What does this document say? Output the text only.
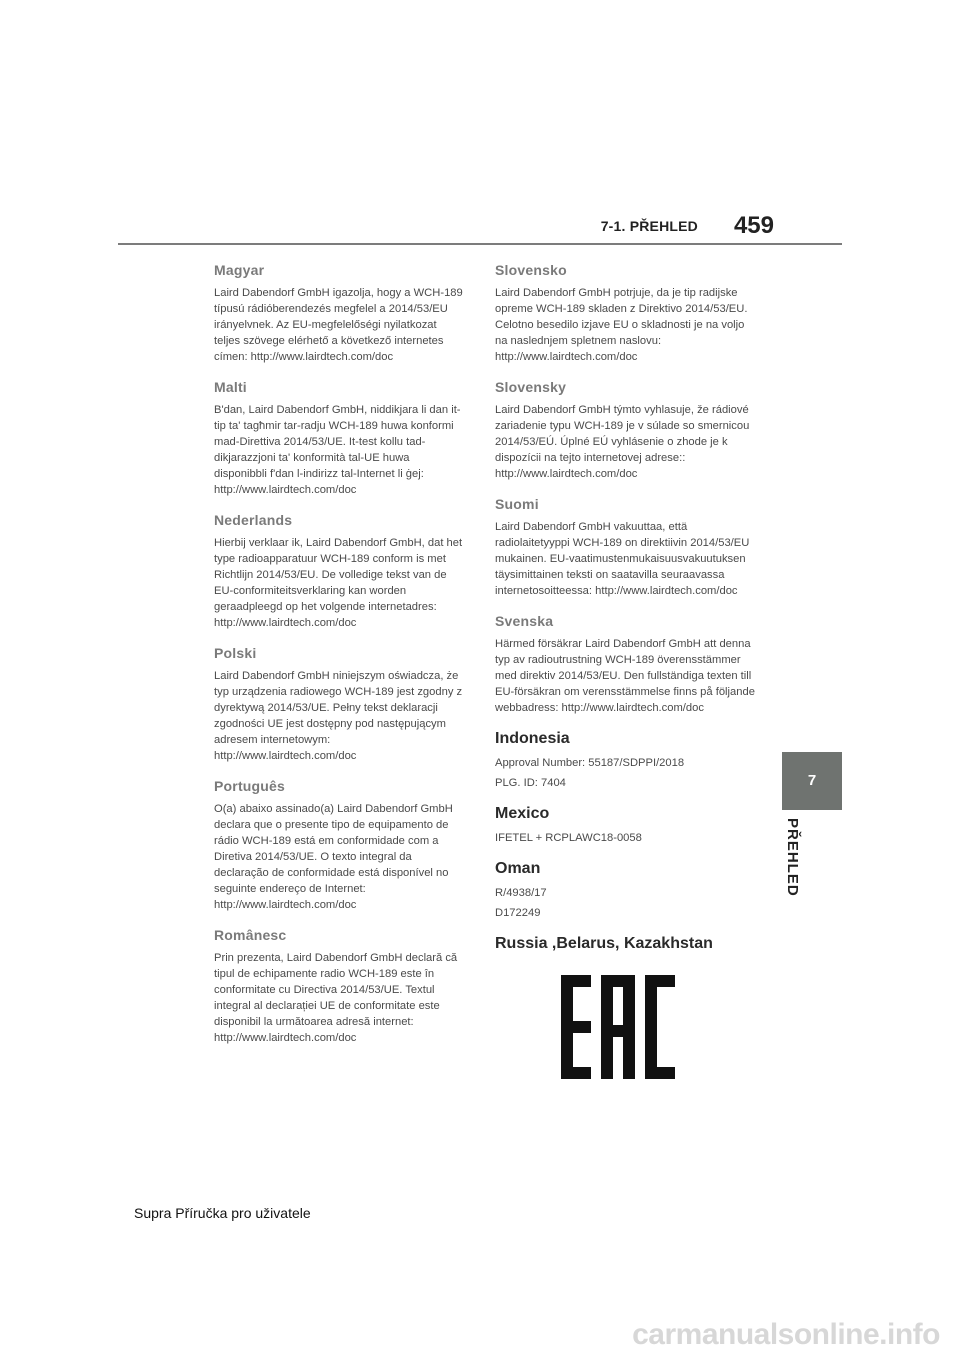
7-1. PŘEHLED 459
7
PŘEHLED
Magyar

Laird Dabendorf GmbH igazolja, hogy a WCH-189 típusú rádióberendezés megfelel a 2014/53/EU irányelvnek. Az EU-megfelelőségi nyilatkozat teljes szövege elérhető a következő internetes címen: http://www.lairdtech.com/doc

Malti

B'dan, Laird Dabendorf GmbH, niddikjara li dan it-tip ta' tagħmir tar-radju WCH-189 huwa konformi mad-Direttiva 2014/53/UE. It-test kollu tad-dikjarazzjoni ta' konformità tal-UE huwa disponibbli f'dan l-indirizz tal-Internet li ġej: http://www.lairdtech.com/doc

Nederlands

Hierbij verklaar ik, Laird Dabendorf GmbH, dat het type radioapparatuur WCH-189 conform is met Richtlijn 2014/53/EU. De volledige tekst van de EU-conformiteitsverklaring kan worden geraadpleegd op het volgende internetadres: http://www.lairdtech.com/doc

Polski

Laird Dabendorf GmbH niniejszym oświadcza, że typ urządzenia radiowego WCH-189 jest zgodny z dyrektywą 2014/53/UE. Pełny tekst deklaracji zgodności UE jest dostępny pod następującym adresem internetowym: http://www.lairdtech.com/doc

Português

O(a) abaixo assinado(a) Laird Dabendorf GmbH declara que o presente tipo de equipamento de rádio WCH-189 está em conformidade com a Diretiva 2014/53/UE. O texto integral da declaração de conformidade está disponível no seguinte endereço de Internet: http://www.lairdtech.com/doc

Românesc

Prin prezenta, Laird Dabendorf GmbH declară că tipul de echipamente radio WCH-189 este în conformitate cu Directiva 2014/53/UE. Textul integral al declarației UE de conformitate este disponibil la următoarea adresă internet: http://www.lairdtech.com/doc

Slovensko

Laird Dabendorf GmbH potrjuje, da je tip radijske opreme WCH-189 skladen z Direktivo 2014/53/EU. Celotno besedilo izjave EU o skladnosti je na voljo na naslednjem spletnem naslovu: http://www.lairdtech.com/doc

Slovensky

Laird Dabendorf GmbH týmto vyhlasuje, že rádiové zariadenie typu WCH-189 je v súlade so smernicou 2014/53/EÚ. Úplné EÚ vyhlásenie o zhode je k dispozícii na tejto internetovej adrese:: http://www.lairdtech.com/doc

Suomi

Laird Dabendorf GmbH vakuuttaa, että radiolaitetyyppi WCH-189 on direktiivin 2014/53/EU mukainen. EU-vaatimustenmukaisuusvakuutuksen täysimittainen teksti on saatavilla seuraavassa internetosoitteessa: http://www.lairdtech.com/doc

Svenska

Härmed försäkrar Laird Dabendorf GmbH att denna typ av radioutrustning WCH-189 överensstämmer med direktiv 2014/53/EU. Den fullständiga texten till EU-försäkran om verensstämmelse finns på följande webbadress: http://www.lairdtech.com/doc

Indonesia

Approval Number: 55187/SDPPI/2018

PLG. ID: 7404

Mexico

IFETEL + RCPLAWC18-0058

Oman

R/4938/17

D172249

Russia ,Belarus, Kazakhstan
Supra Příručka pro uživatele
carmanualsonline.info
